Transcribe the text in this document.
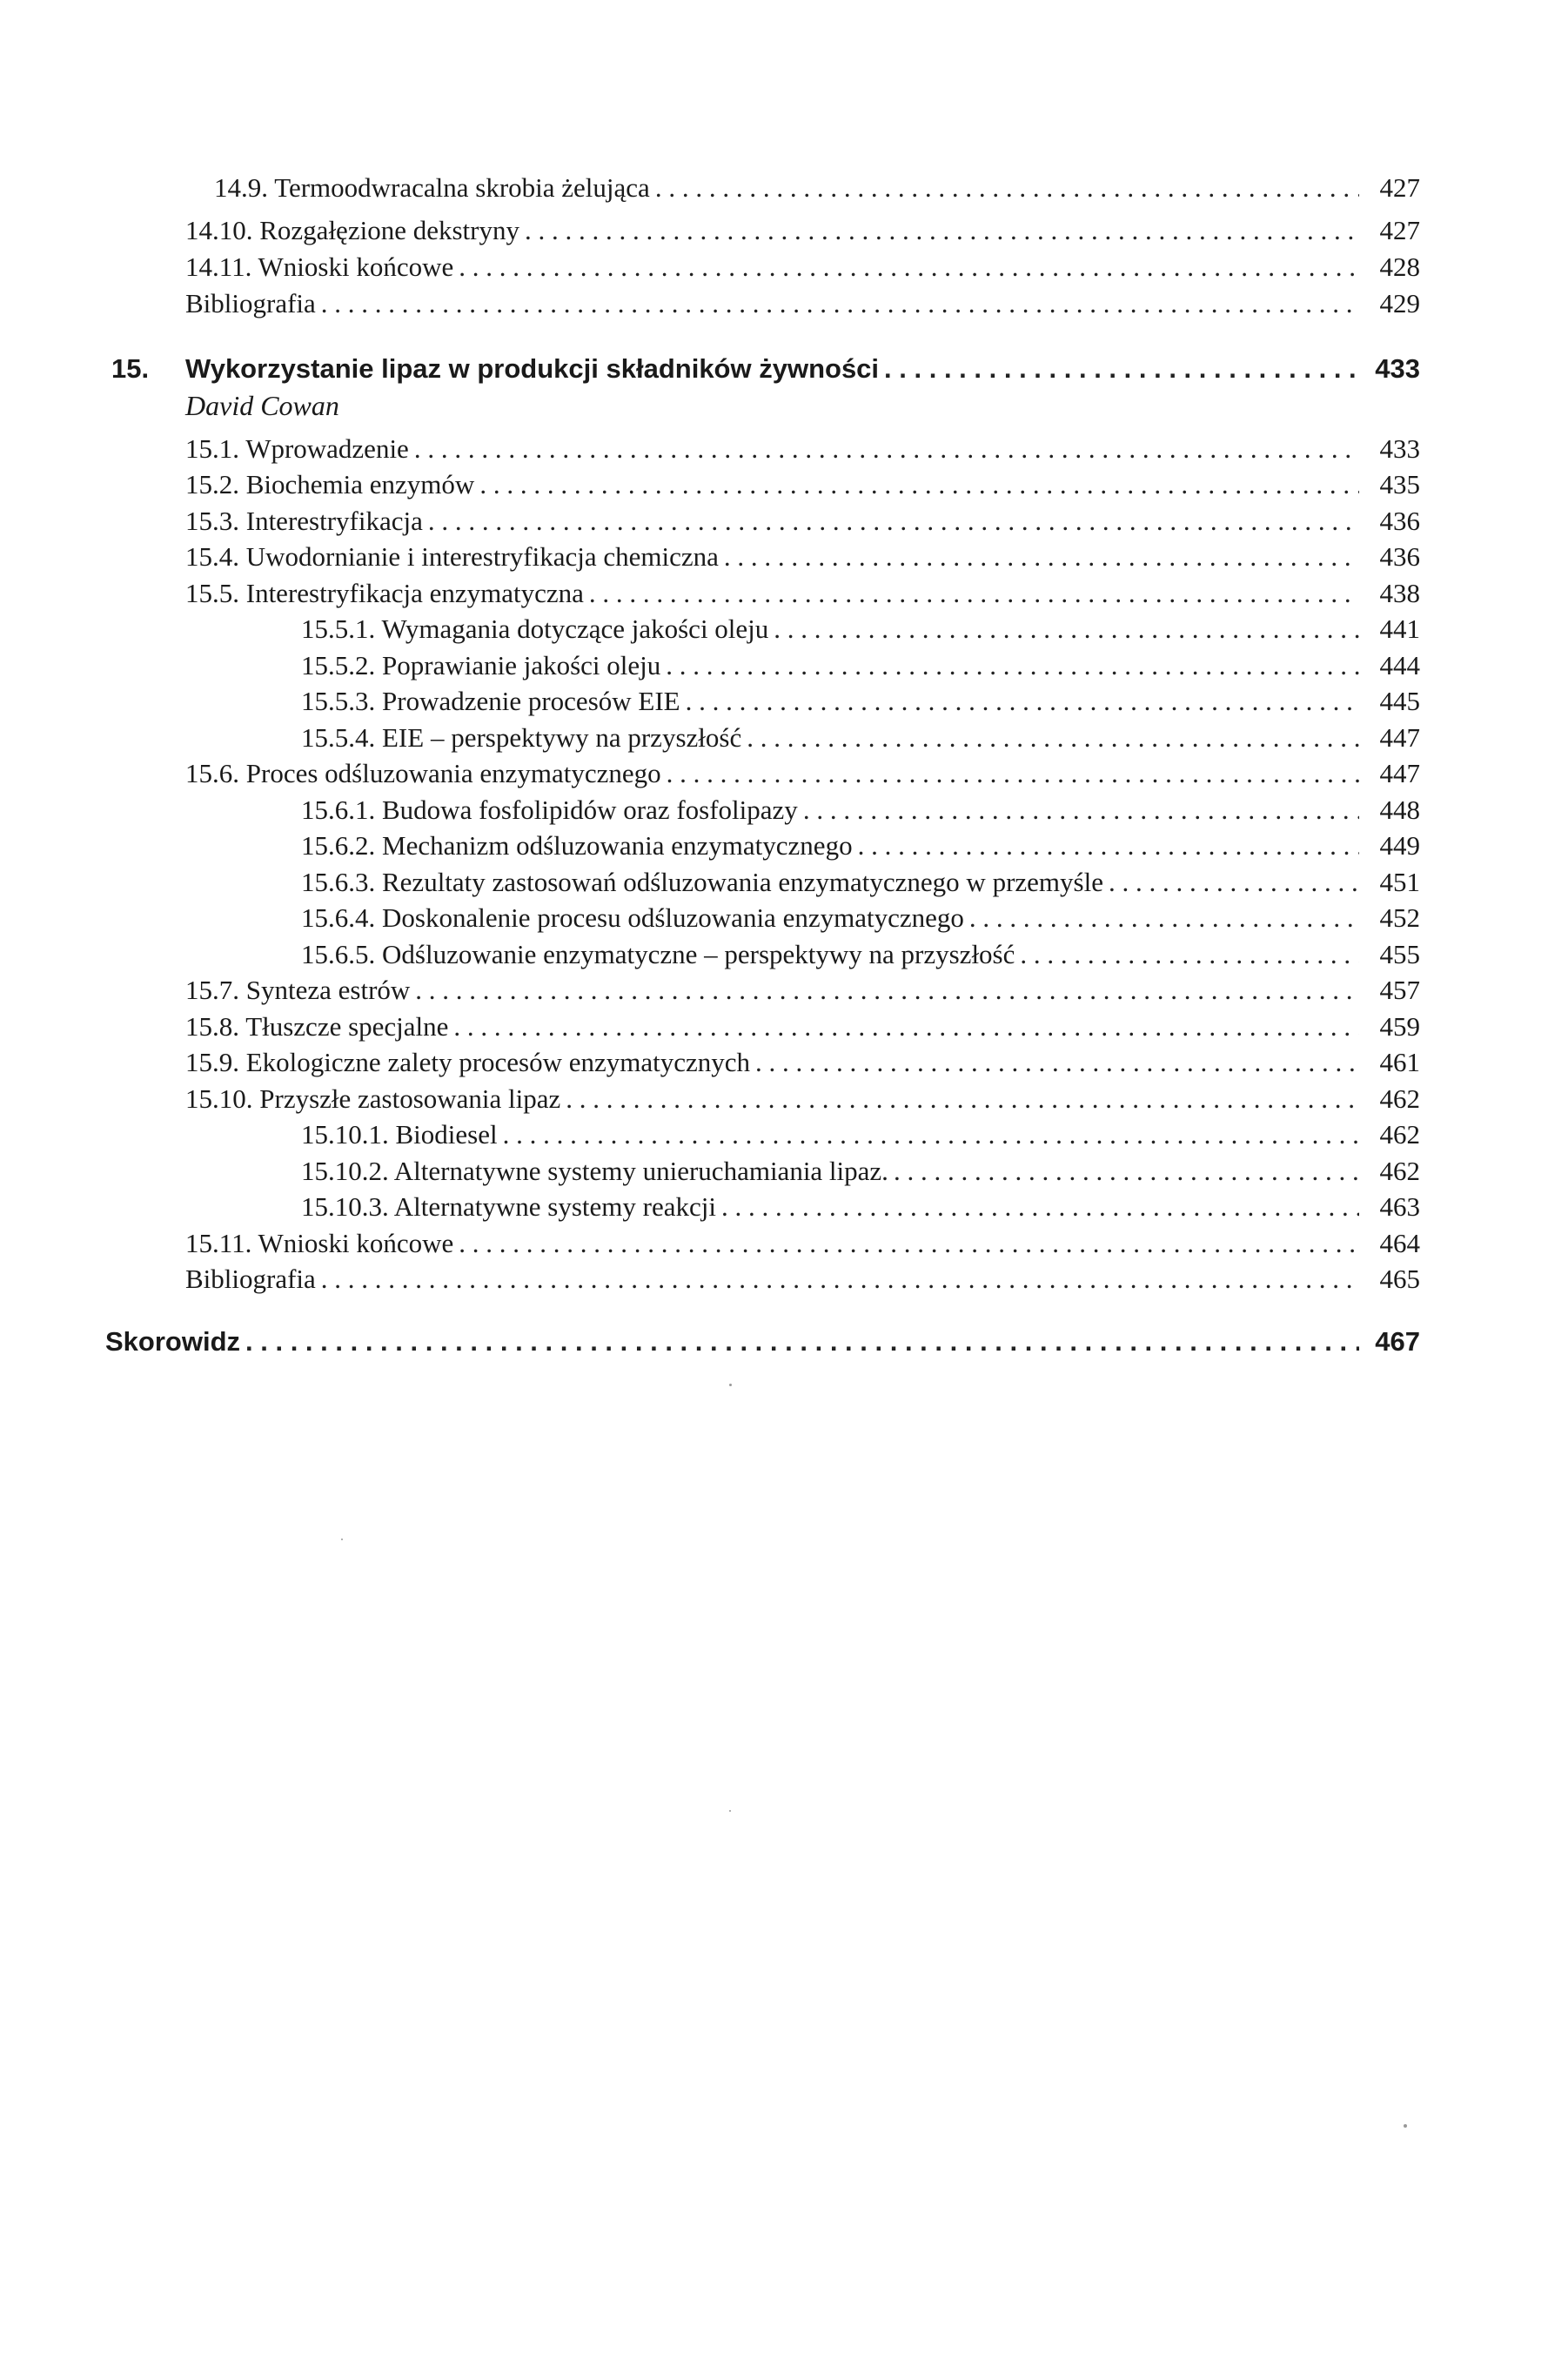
14.9. Termoodwracalna skrobia żelująca . . .	427
14.10. Rozgałęzione dekstryny . . .	427
14.11. Wnioski końcowe . . .	428
Bibliografia . . .	429
15.	Wykorzystanie lipaz w produkcji składników żywności . . .	433
David Cowan
15.1. Wprowadzenie . . .	433
15.2. Biochemia enzymów . . .	435
15.3. Interestryfikacja . . .	436
15.4. Uwodornianie i interestryfikacja chemiczna . . .	436
15.5. Interestryfikacja enzymatyczna . . .	438
15.5.1. Wymagania dotyczące jakości oleju . . .	441
15.5.2. Poprawianie jakości oleju . . .	444
15.5.3. Prowadzenie procesów EIE . . .	445
15.5.4. EIE – perspektywy na przyszłość . . .	447
15.6. Proces odśluzowania enzymatycznego . . .	447
15.6.1. Budowa fosfolipidów oraz fosfolipazy . . .	448
15.6.2. Mechanizm odśluzowania enzymatycznego . . .	449
15.6.3. Rezultaty zastosowań odśluzowania enzymatycznego w przemyśle . . .	451
15.6.4. Doskonalenie procesu odśluzowania enzymatycznego . . .	452
15.6.5. Odśluzowanie enzymatyczne – perspektywy na przyszłość . . .	455
15.7. Synteza estrów . . .	457
15.8. Tłuszcze specjalne . . .	459
15.9. Ekologiczne zalety procesów enzymatycznych . . .	461
15.10. Przyszłe zastosowania lipaz . . .	462
15.10.1. Biodiesel . . .	462
15.10.2. Alternatywne systemy unieruchamiania lipaz. . . .	462
15.10.3. Alternatywne systemy reakcji . . .	463
15.11. Wnioski końcowe . . .	464
Bibliografia . . .	465
Skorowidz . . .	467
